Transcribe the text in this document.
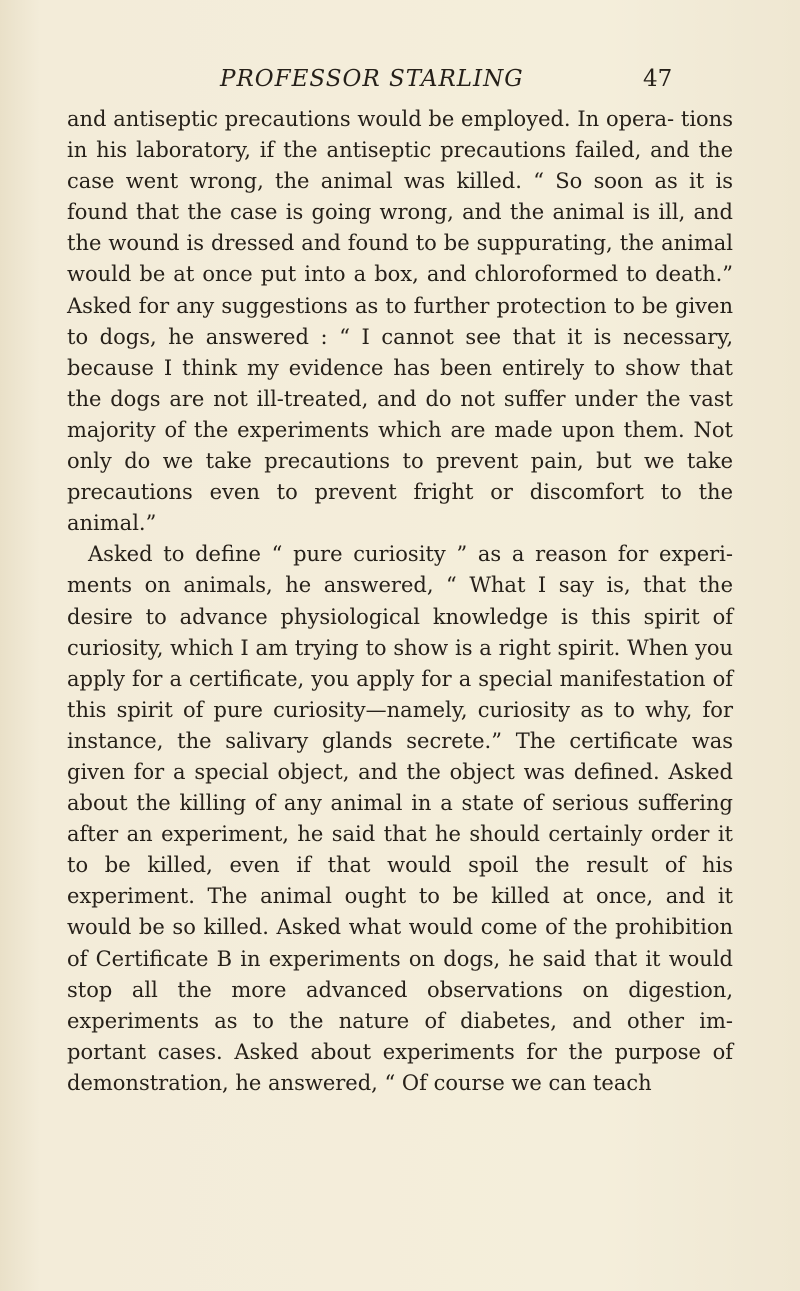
PROFESSOR STARLING	47

and antiseptic precautions would be employed. In opera- tions in his laboratory, if the antiseptic precautions failed, and the case went wrong, the animal was killed. “ So soon as it is found that the case is going wrong, and the animal is ill, and the wound is dressed and found to be suppurating, the animal would be at once put into a box, and chloroformed to death.” Asked for any suggestions as to further protection to be given to dogs, he answered : “ I cannot see that it is necessary, because I think my evidence has been entirely to show that the dogs are not ill-treated, and do not suffer under the vast majority of the experiments which are made upon them. Not only do we take precautions to prevent pain, but we take precautions even to prevent fright or discomfort to the animal.”

Asked to define “ pure curiosity ” as a reason for experi- ments on animals, he answered, “ What I say is, that the desire to advance physiological knowledge is this spirit of curiosity, which I am trying to show is a right spirit. When you apply for a certificate, you apply for a special manifestation of this spirit of pure curiosity—namely, curiosity as to why, for instance, the salivary glands secrete.” The certificate was given for a special object, and the object was defined. Asked about the killing of any animal in a state of serious suffering after an experiment, he said that he should certainly order it to be killed, even if that would spoil the result of his experiment. The animal ought to be killed at once, and it would be so killed. Asked what would come of the prohibition of Certificate B in experiments on dogs, he said that it would stop all the more advanced observations on digestion, experiments as to the nature of diabetes, and other im- portant cases. Asked about experiments for the purpose of demonstration, he answered, “ Of course we can teach
